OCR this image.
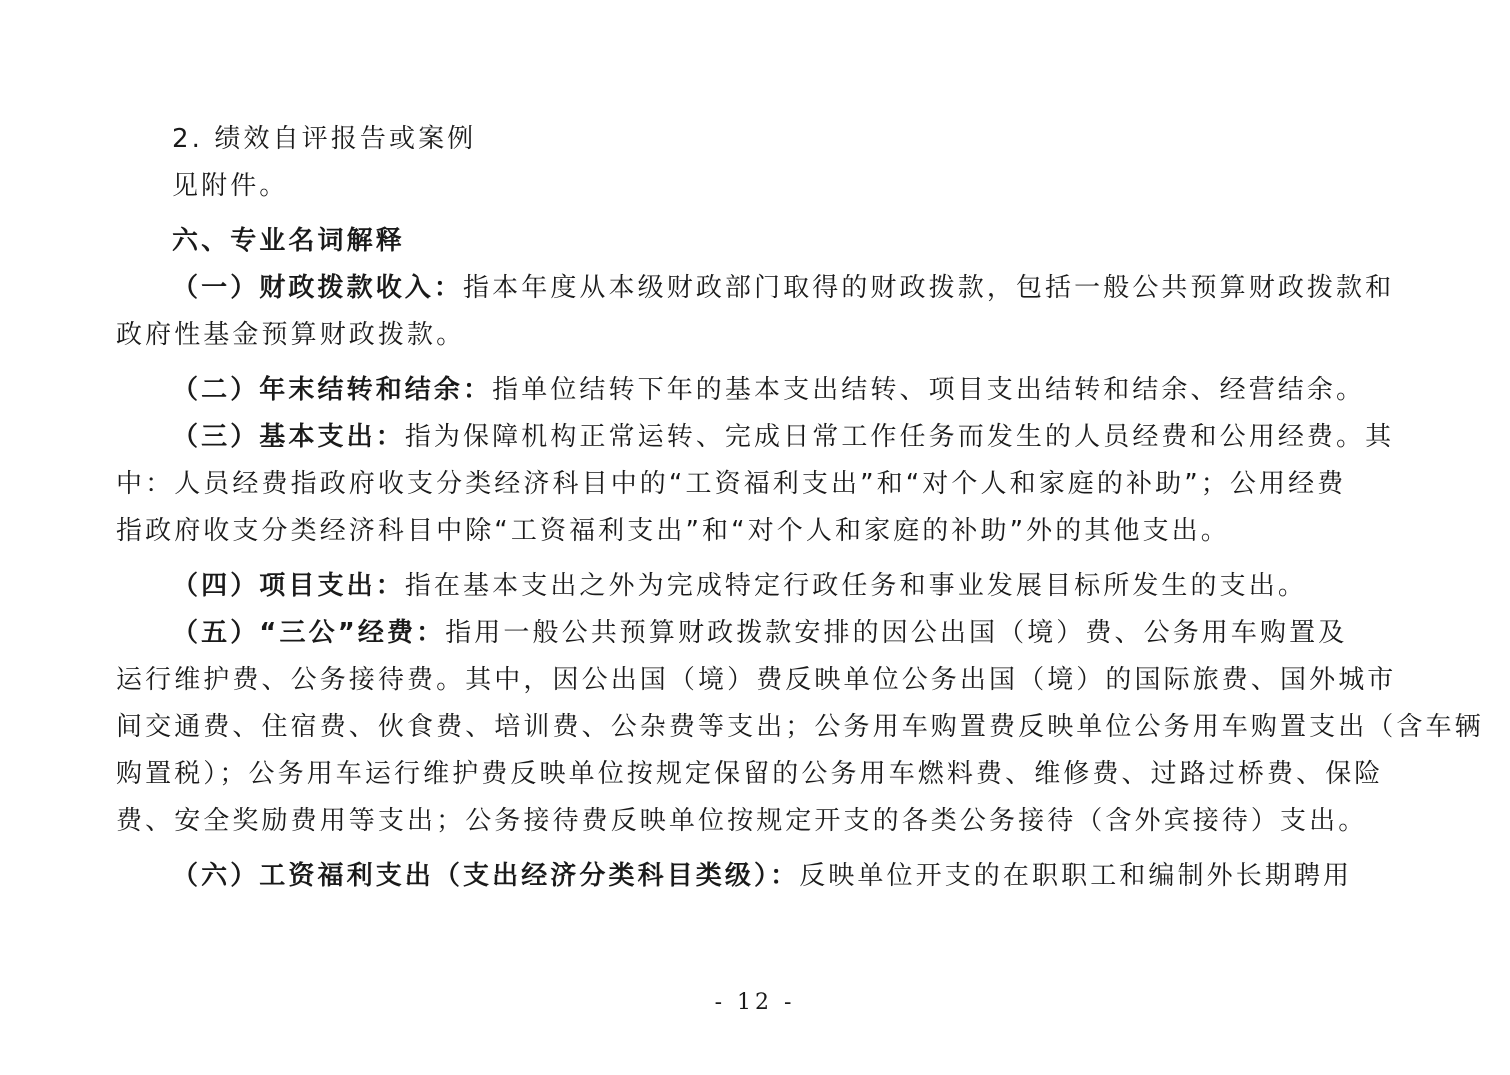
2. 绩效自评报告或案例

见附件。

六、专业名词解释

（一）财政拨款收入：指本年度从本级财政部门取得的财政拨款，包括一般公共预算财政拨款和

政府性基金预算财政拨款。

（二）年末结转和结余：指单位结转下年的基本支出结转、项目支出结转和结余、经营结余。

（三）基本支出：指为保障机构正常运转、完成日常工作任务而发生的人员经费和公用经费。其

中：人员经费指政府收支分类经济科目中的“工资福利支出”和“对个人和家庭的补助”；公用经费

指政府收支分类经济科目中除“工资福利支出”和“对个人和家庭的补助”外的其他支出。

（四）项目支出：指在基本支出之外为完成特定行政任务和事业发展目标所发生的支出。

（五）“三公”经费：指用一般公共预算财政拨款安排的因公出国（境）费、公务用车购置及

运行维护费、公务接待费。其中，因公出国（境）费反映单位公务出国（境）的国际旅费、国外城市

间交通费、住宿费、伙食费、培训费、公杂费等支出；公务用车购置费反映单位公务用车购置支出（含车辆

购置税）；公务用车运行维护费反映单位按规定保留的公务用车燃料费、维修费、过路过桥费、保险

费、安全奖励费用等支出；公务接待费反映单位按规定开支的各类公务接待（含外宾接待）支出。

（六）工资福利支出（支出经济分类科目类级）：反映单位开支的在职职工和编制外长期聘用

- 12 -
